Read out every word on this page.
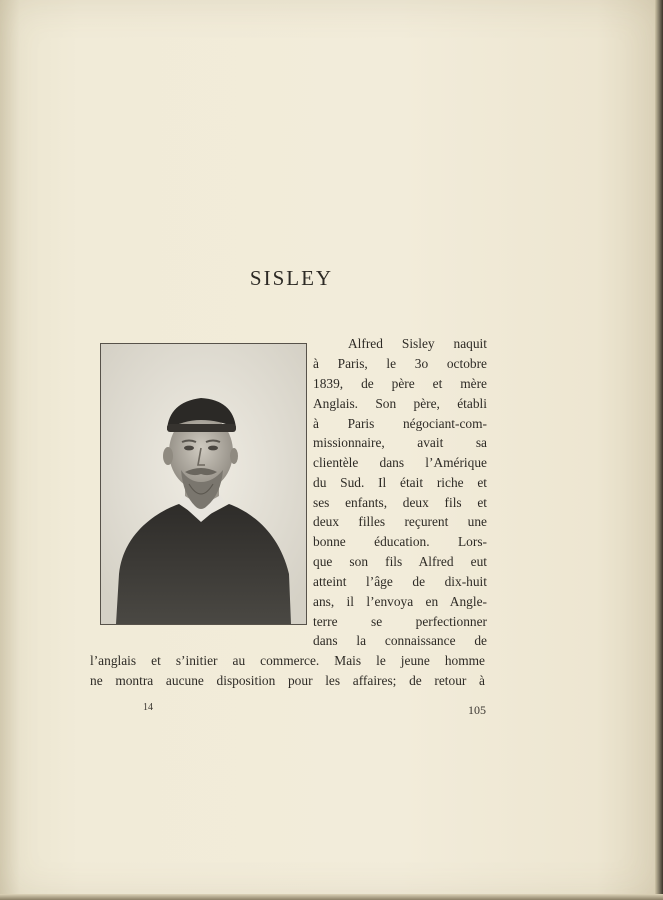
SISLEY
Alfred Sisley naquit
à Paris, le 3o octobre
1839, de père et mère
Anglais. Son père, établi
à Paris négociant-com-
missionnaire, avait sa
clientèle dans l’Amérique
du Sud. Il était riche et
ses enfants, deux fils et
deux filles reçurent une
bonne éducation. Lors-
que son fils Alfred eut
atteint l’âge de dix-huit
ans, il l’envoya en Angle-
terre se perfectionner
dans la connaissance de
l’anglais et s’initier au commerce. Mais le jeune homme
ne montra aucune disposition pour les affaires; de retour à
14	105
